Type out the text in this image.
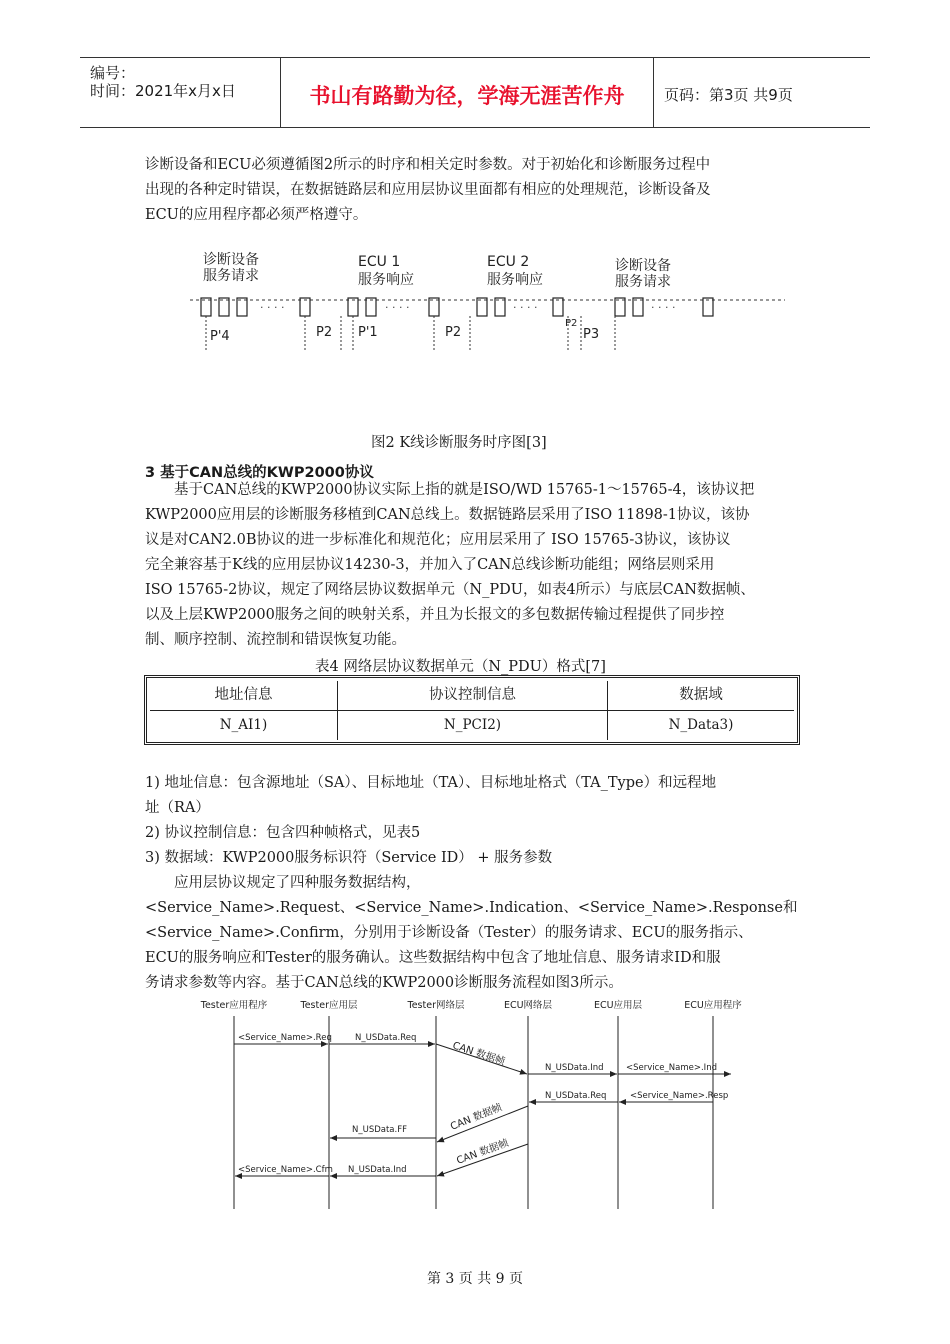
编号：
时间：2021年x月x日	书山有路勤为径，学海无涯苦作舟	页码：第3页 共9页
诊断设备和ECU必须遵循图2所示的时序和相关定时参数。对于初始化和诊断服务过程中
出现的各种定时错误，在数据链路层和应用层协议里面都有相应的处理规范，诊断设备及
ECU的应用程序都必须严格遵守。
诊断设备
服务请求
ECU 1
服务响应
ECU 2
服务响应
诊断设备
服务请求
· · · ·	· · · ·	· · · ·	· · · ·
P'4	P2 P'1	P2
P2
P3
图2 K线诊断服务时序图[3]
3 基于CAN总线的KWP2000协议
　　基于CAN总线的KWP2000协议实际上指的就是ISO/WD 15765-1～15765-4，该协议把
KWP2000应用层的诊断服务移植到CAN总线上。数据链路层采用了ISO 11898-1协议，该协
议是对CAN2.0B协议的进一步标准化和规范化；应用层采用了 ISO 15765-3协议，该协议
完全兼容基于K线的应用层协议14230-3，并加入了CAN总线诊断功能组；网络层则采用
ISO 15765-2协议，规定了网络层协议数据单元（N_PDU，如表4所示）与底层CAN数据帧、
以及上层KWP2000服务之间的映射关系，并且为长报文的多包数据传输过程提供了同步控
制、顺序控制、流控制和错误恢复功能。
表4 网络层协议数据单元（N_PDU）格式[7]
地址信息	协议控制信息	数据域
N_AI1)	N_PCI2)	N_Data3)
1) 地址信息：包含源地址（SA）、目标地址（TA）、目标地址格式（TA_Type）和远程地
址（RA）
2) 协议控制信息：包含四种帧格式，见表5
3) 数据域：KWP2000服务标识符（Service ID） + 服务参数
　　应用层协议规定了四种服务数据结构，
<Service_Name>.Request、<Service_Name>.Indication、<Service_Name>.Response和
<Service_Name>.Confirm，分别用于诊断设备（Tester）的服务请求、ECU的服务指示、
ECU的服务响应和Tester的服务确认。这些数据结构中包含了地址信息、服务请求ID和服
务请求参数等内容。基于CAN总线的KWP2000诊断服务流程如图3所示。
Tester应用程序	Tester应用层	Tester网络层	ECU网络层	ECU应用层	ECU应用程序
<Service_Name>.Req	N_USData.Req
CAN 数据帧
N_USData.Ind	<Service_Name>.Ind
N_USData.Req	<Service_Name>.Resp
CAN 数据帧
N_USData.FF
CAN 数据帧
<Service_Name>.Cfm N_USData.Ind
第 3 页 共 9 页
